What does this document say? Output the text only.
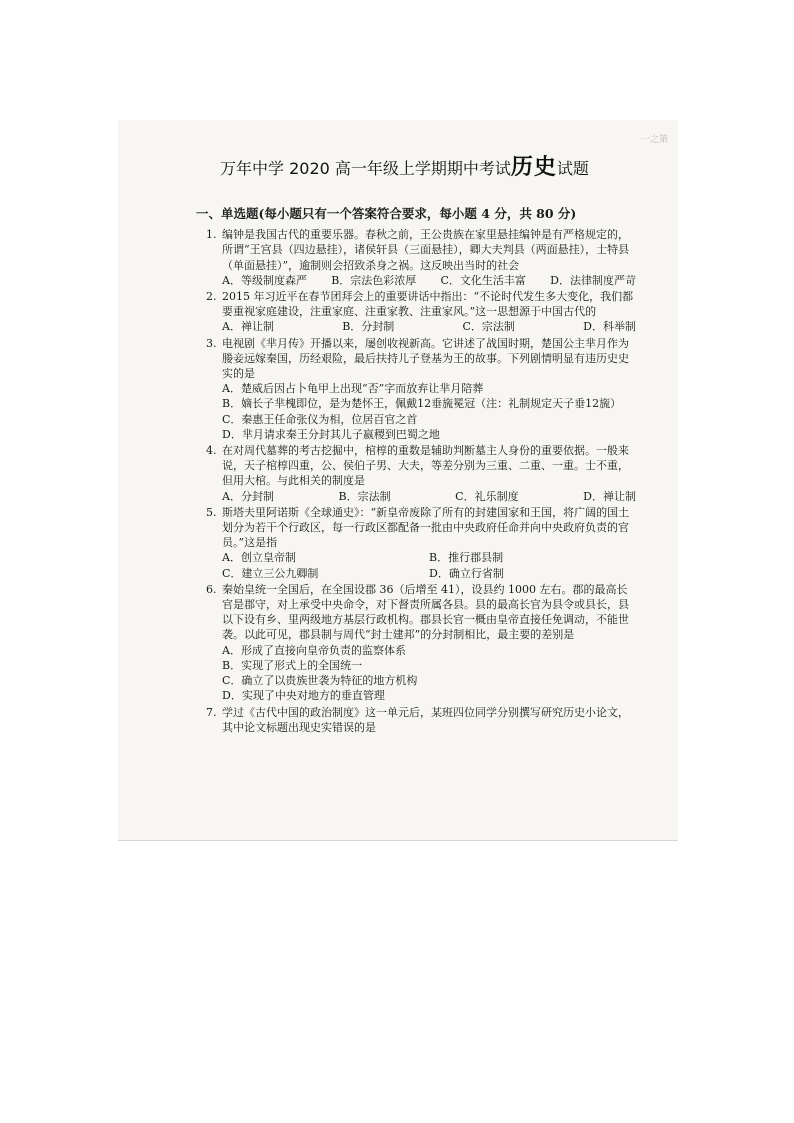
一之第
万年中学 2020 高一年级上学期期中考试历史试题
一、单选题(每小题只有一个答案符合要求，每小题 4 分，共 80 分)
1. 编钟是我国古代的重要乐器。春秋之前，王公贵族在家里悬挂编钟是有严格规定的，所谓“王宫县（四边悬挂），诸侯轩县（三面悬挂），卿大夫判县（两面悬挂），士特县（单面悬挂）”，逾制则会招致杀身之祸。这反映出当时的社会
A．等级制度森严 B．宗法色彩浓厚 C．文化生活丰富 D．法律制度严苛
2. 2015 年习近平在春节团拜会上的重要讲话中指出：“不论时代发生多大变化，我们都要重视家庭建设，注重家庭、注重家教、注重家风。”这一思想源于中国古代的
A．禅让制	B．分封制	C．宗法制	D．科举制
3. 电视剧《芈月传》开播以来，屡创收视新高。它讲述了战国时期，楚国公主芈月作为媵妾远嫁秦国，历经艰险，最后扶持儿子登基为王的故事。下列剧情明显有违历史史实的是
A．楚威后因占卜龟甲上出现“否”字而放弃让芈月陪葬
B．嫡长子芈槐即位，是为楚怀王，佩戴12垂旒冕冠（注：礼制规定天子垂12旒）
C．秦惠王任命张仪为相，位居百官之首
D．芈月请求秦王分封其儿子嬴稷到巴蜀之地
4. 在对周代墓葬的考古挖掘中，棺椁的重数是辅助判断墓主人身份的重要依据。一般来说，天子棺椁四重，公、侯伯子男、大夫，等差分别为三重、二重、一重。士不重，但用大棺。与此相关的制度是
A．分封制	B．宗法制	C．礼乐制度	D．禅让制
5. 斯塔夫里阿诺斯《全球通史》：“新皇帝废除了所有的封建国家和王国，将广阔的国土划分为若干个行政区，每一行政区都配备一批由中央政府任命并向中央政府负责的官员。”这是指
A．创立皇帝制	B．推行郡县制
C．建立三公九卿制	D．确立行省制
6. 秦始皇统一全国后，在全国设郡 36（后增至 41），设县约 1000 左右。郡的最高长官是郡守，对上承受中央命令，对下督责所属各县。县的最高长官为县令或县长，县以下设有乡、里两级地方基层行政机构。郡县长官一概由皇帝直接任免调动，不能世袭。以此可见，郡县制与周代“封士建邦”的分封制相比，最主要的差别是
A．形成了直接向皇帝负责的监察体系
B．实现了形式上的全国统一
C．确立了以贵族世袭为特征的地方机构
D．实现了中央对地方的垂直管理
7. 学过《古代中国的政治制度》这一单元后，某班四位同学分别撰写研究历史小论文，其中论文标题出现史实错误的是
